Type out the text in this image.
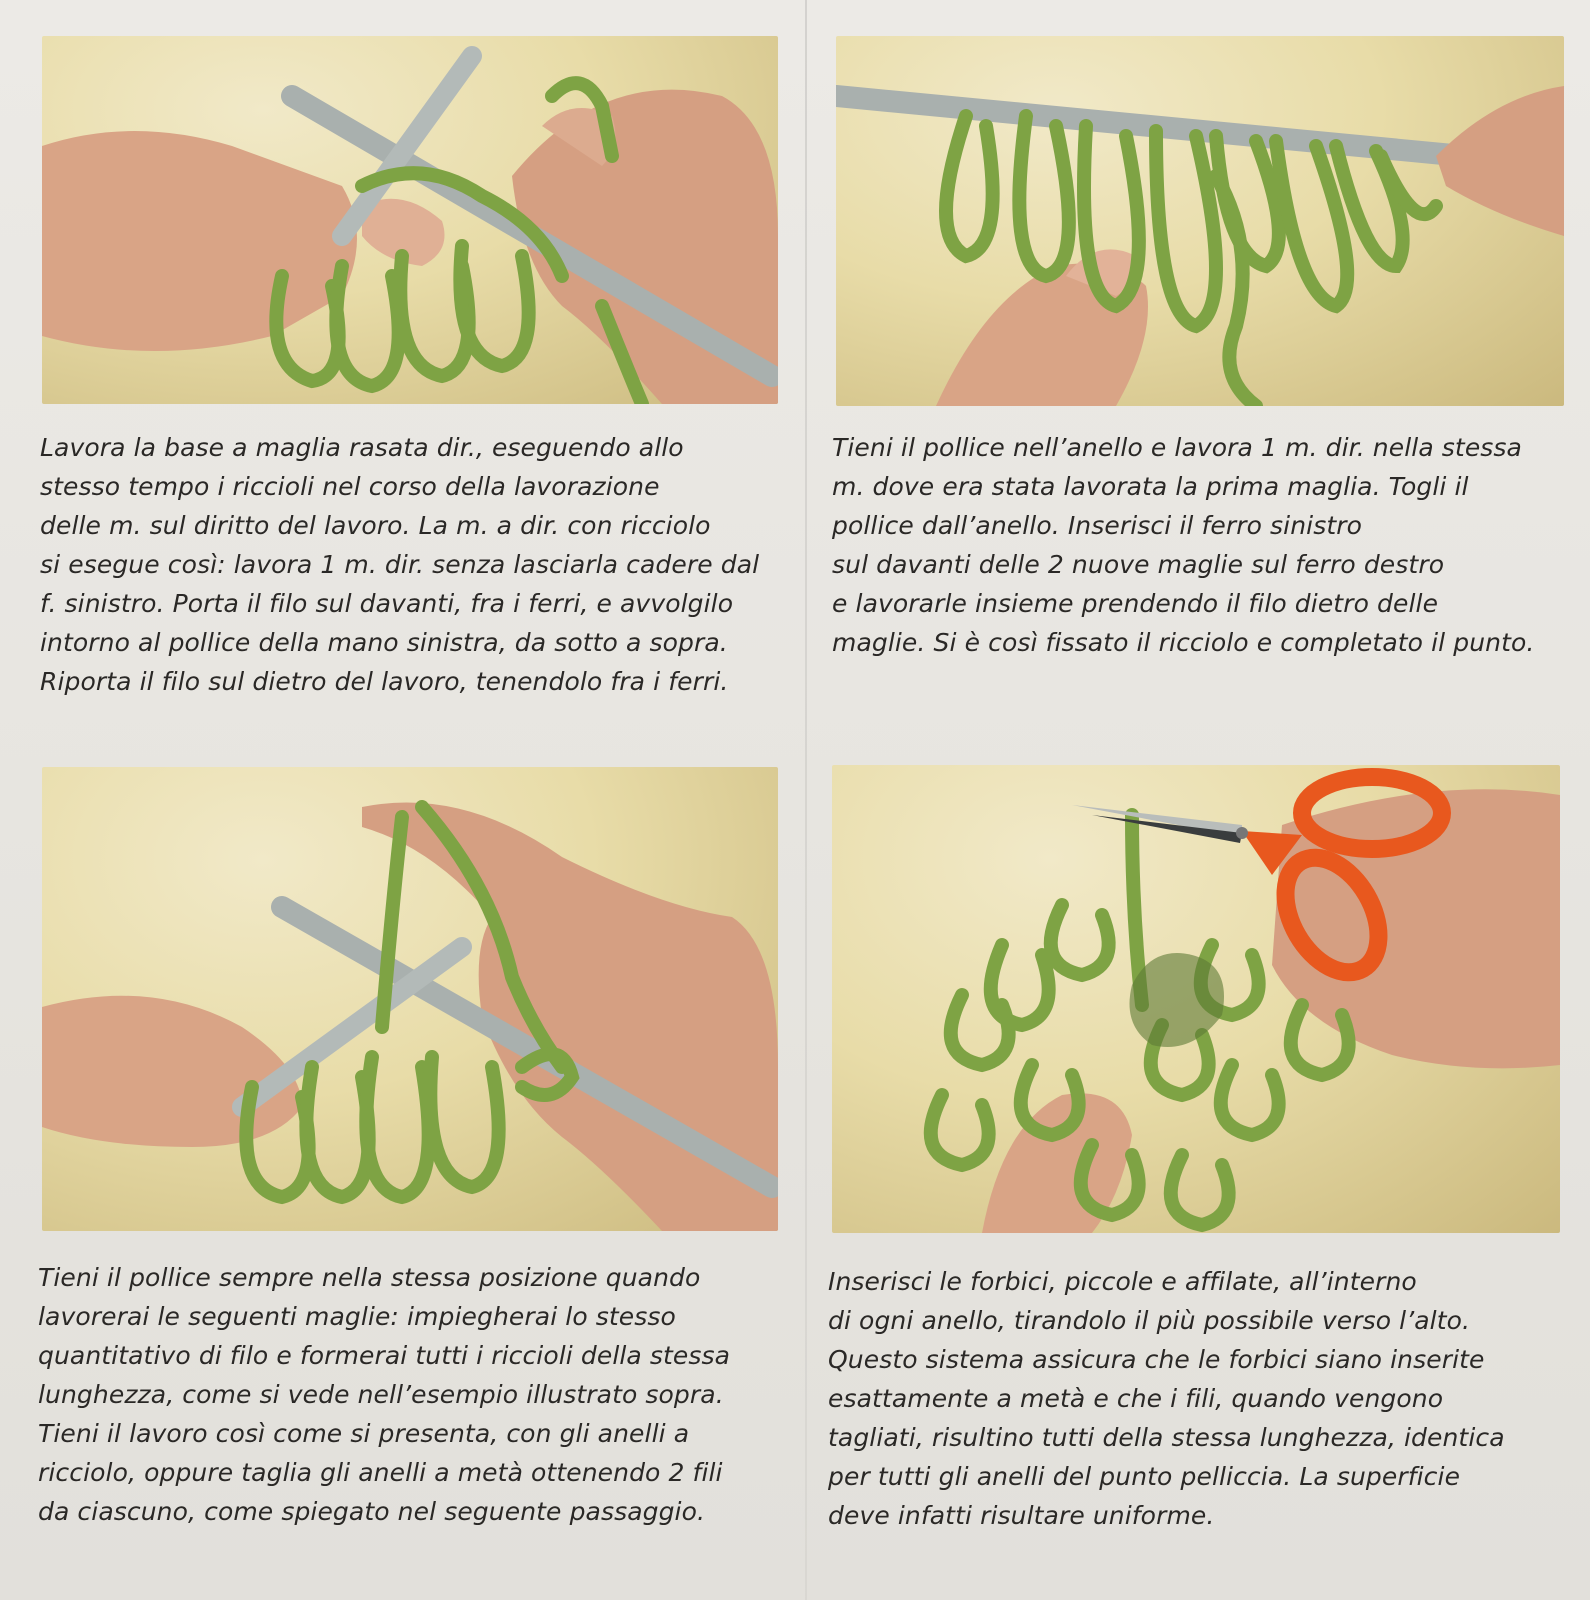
Lavora la base a maglia rasata dir., eseguendo allo
stesso tempo i riccioli nel corso della lavorazione
delle m. sul diritto del lavoro. La m. a dir. con ricciolo
si esegue così: lavora 1 m. dir. senza lasciarla cadere dal
f. sinistro. Porta il filo sul davanti, fra i ferri, e avvolgilo
intorno al pollice della mano sinistra, da sotto a sopra.
Riporta il filo sul dietro del lavoro, tenendolo fra i ferri.

Tieni il pollice nell’anello e lavora 1 m. dir. nella stessa
m. dove era stata lavorata la prima maglia. Togli il
pollice dall’anello. Inserisci il ferro sinistro
sul davanti delle 2 nuove maglie sul ferro destro
e lavorarle insieme prendendo il filo dietro delle
maglie. Si è così fissato il ricciolo e completato il punto.

Tieni il pollice sempre nella stessa posizione quando
lavorerai le seguenti maglie: impiegherai lo stesso
quantitativo di filo e formerai tutti i riccioli della stessa
lunghezza, come si vede nell’esempio illustrato sopra.
Tieni il lavoro così come si presenta, con gli anelli a
ricciolo, oppure taglia gli anelli a metà ottenendo 2 fili
da ciascuno, come spiegato nel seguente passaggio.

Inserisci le forbici, piccole e affilate, all’interno
di ogni anello, tirandolo il più possibile verso l’alto.
Questo sistema assicura che le forbici siano inserite
esattamente a metà e che i fili, quando vengono
tagliati, risultino tutti della stessa lunghezza, identica
per tutti gli anelli del punto pelliccia. La superficie
deve infatti risultare uniforme.
